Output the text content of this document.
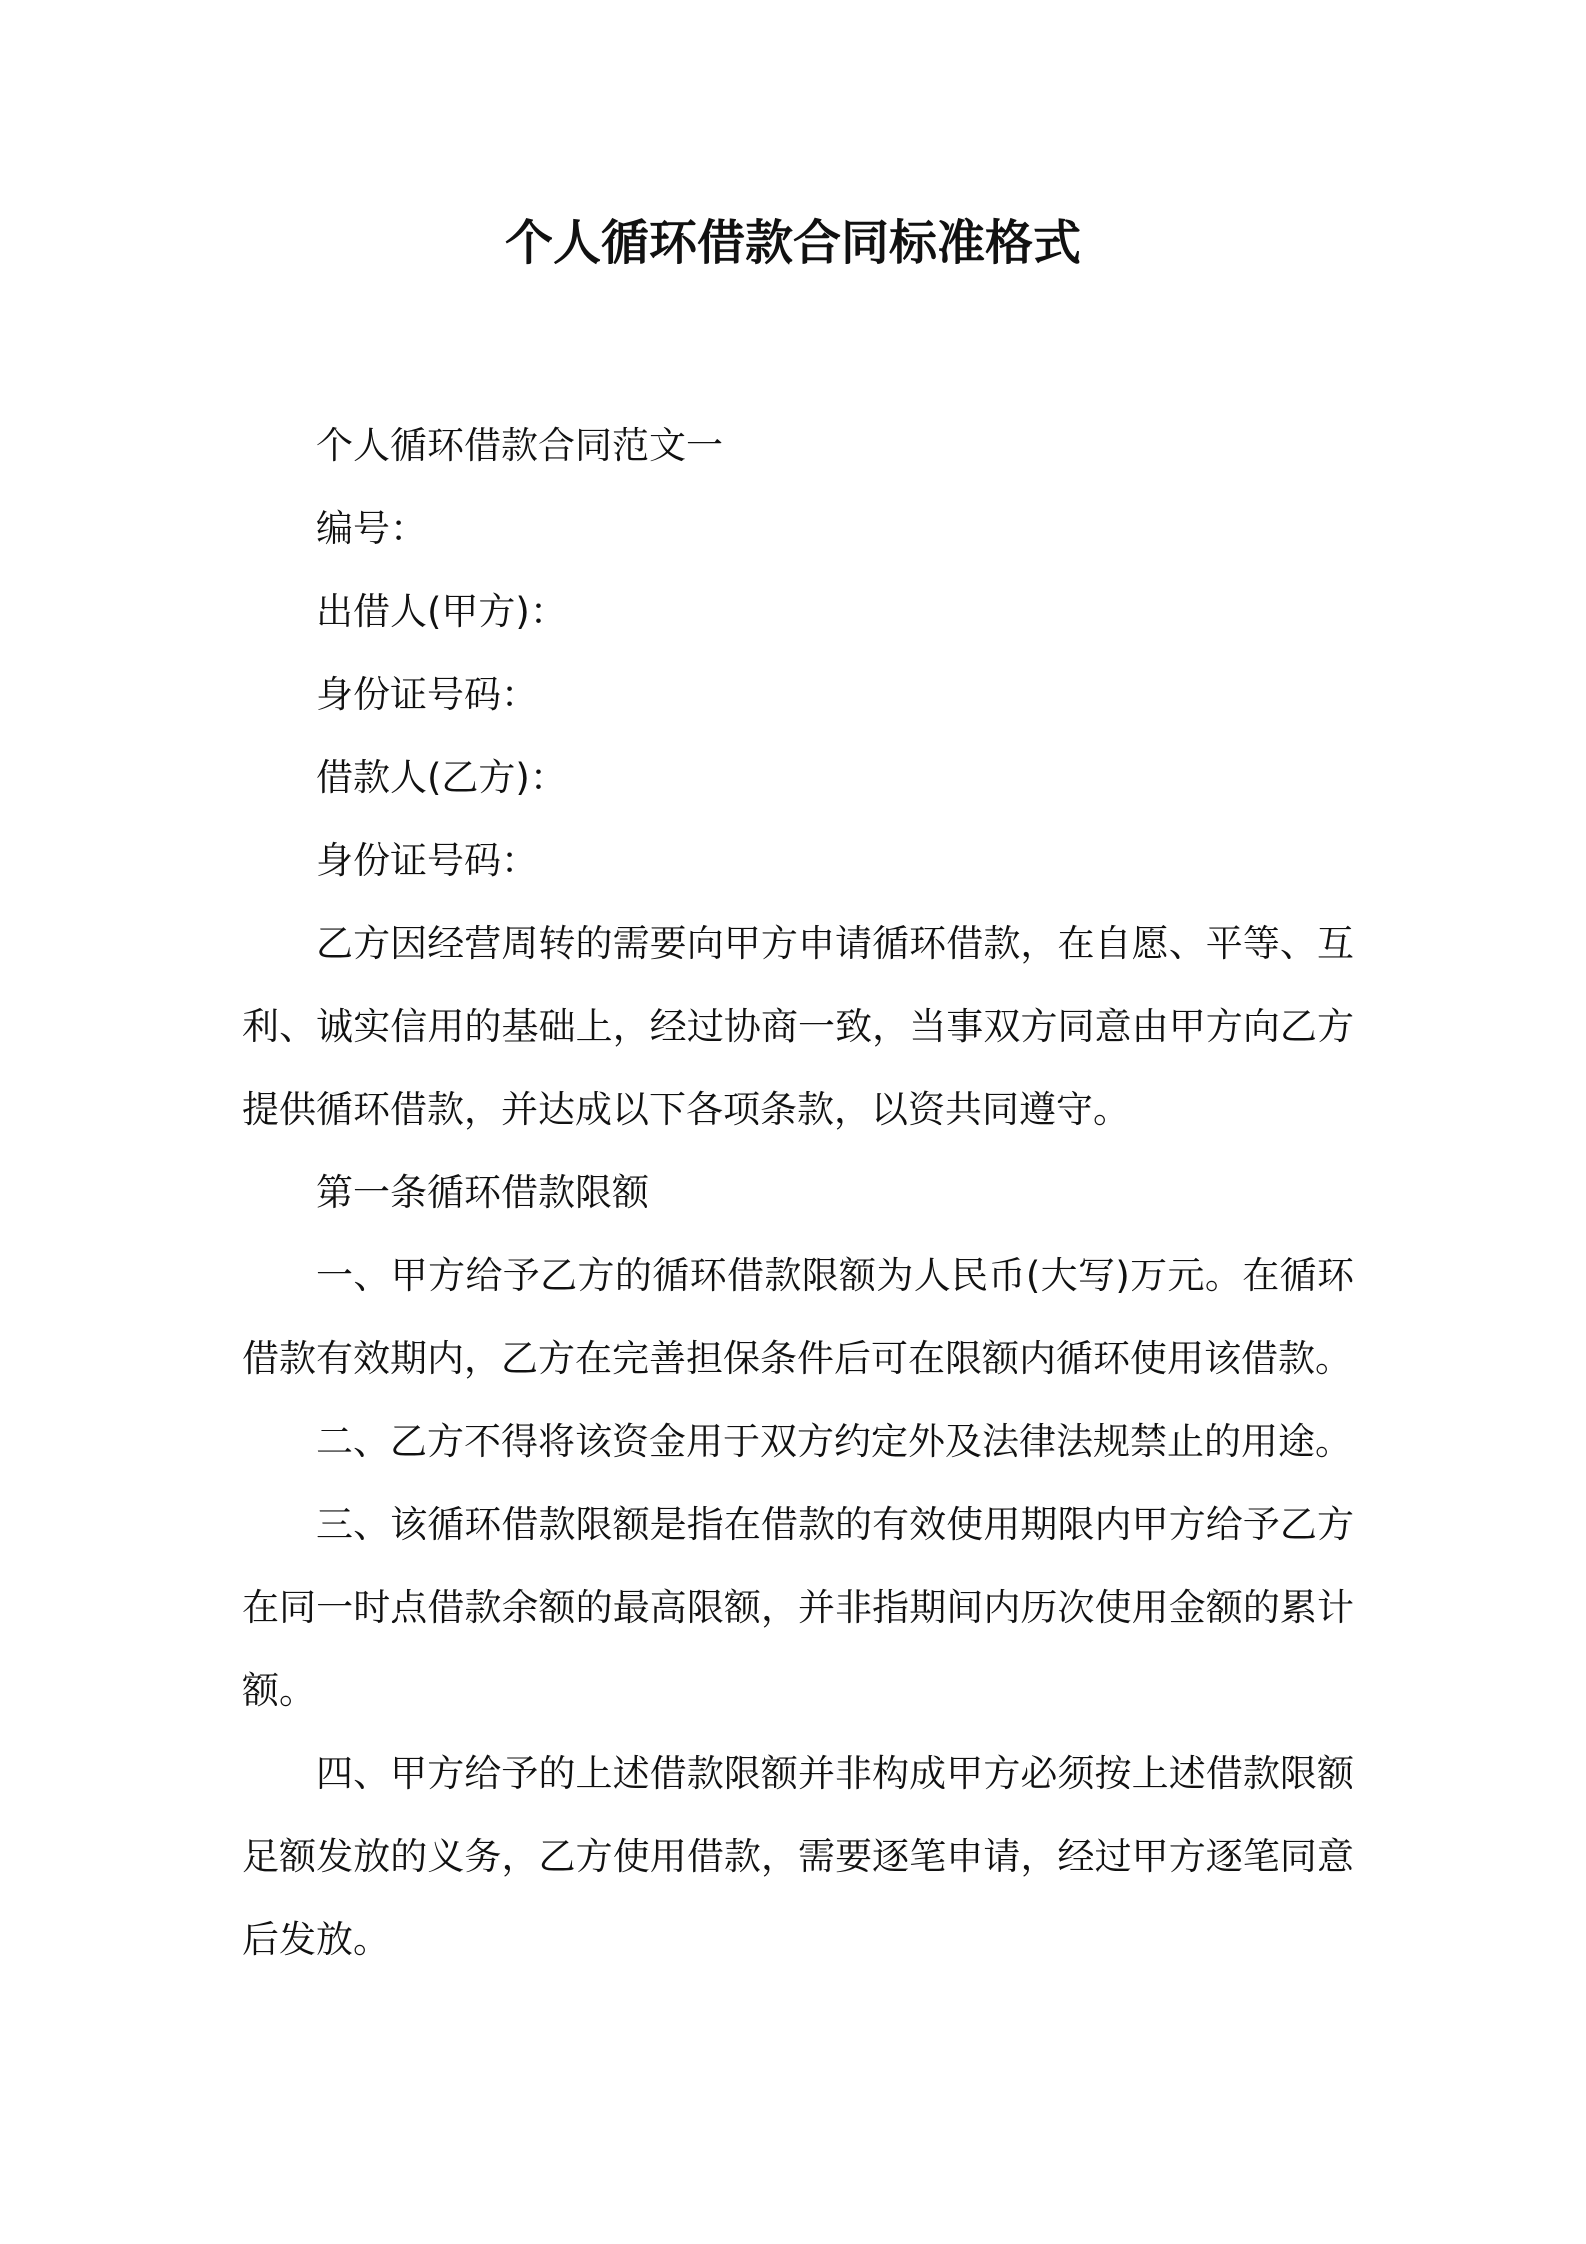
个人循环借款合同标准格式

个人循环借款合同范文一

编号：

出借人(甲方)：

身份证号码：

借款人(乙方)：

身份证号码：

乙方因经营周转的需要向甲方申请循环借款，在自愿、平等、互利、诚实信用的基础上，经过协商一致，当事双方同意由甲方向乙方提供循环借款，并达成以下各项条款，以资共同遵守。

第一条循环借款限额

一、甲方给予乙方的循环借款限额为人民币(大写)万元。在循环借款有效期内，乙方在完善担保条件后可在限额内循环使用该借款。

二、乙方不得将该资金用于双方约定外及法律法规禁止的用途。

三、该循环借款限额是指在借款的有效使用期限内甲方给予乙方在同一时点借款余额的最高限额，并非指期间内历次使用金额的累计额。

四、甲方给予的上述借款限额并非构成甲方必须按上述借款限额足额发放的义务，乙方使用借款，需要逐笔申请，经过甲方逐笔同意后发放。
